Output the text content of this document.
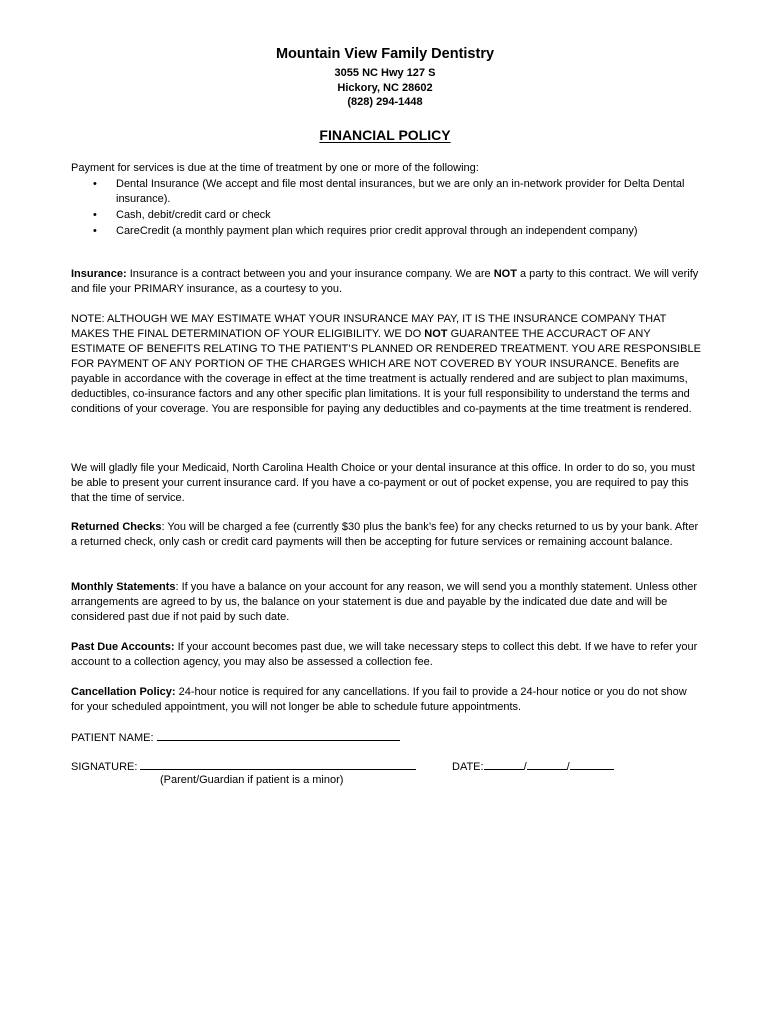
Mountain View Family Dentistry
3055 NC Hwy 127 S
Hickory, NC 28602
(828) 294-1448
FINANCIAL POLICY
Payment for services is due at the time of treatment by one or more of the following:
• Dental Insurance (We accept and file most dental insurances, but we are only an in-network provider for Delta Dental insurance).
• Cash, debit/credit card or check
• CareCredit (a monthly payment plan which requires prior credit approval through an independent company)
Insurance: Insurance is a contract between you and your insurance company. We are NOT a party to this contract. We will verify and file your PRIMARY insurance, as a courtesy to you.
NOTE: ALTHOUGH WE MAY ESTIMATE WHAT YOUR INSURANCE MAY PAY, IT IS THE INSURANCE COMPANY THAT MAKES THE FINAL DETERMINATION OF YOUR ELIGIBILITY. WE DO NOT GUARANTEE THE ACCURACT OF ANY ESTIMATE OF BENEFITS RELATING TO THE PATIENT’S PLANNED OR RENDERED TREATMENT. YOU ARE RESPONSIBLE FOR PAYMENT OF ANY PORTION OF THE CHARGES WHICH ARE NOT COVERED BY YOUR INSURANCE. Benefits are payable in accordance with the coverage in effect at the time treatment is actually rendered and are subject to plan maximums, deductibles, co-insurance factors and any other specific plan limitations. It is your full responsibility to understand the terms and conditions of your coverage. You are responsible for paying any deductibles and co-payments at the time treatment is rendered.
We will gladly file your Medicaid, North Carolina Health Choice or your dental insurance at this office. In order to do so, you must be able to present your current insurance card. If you have a co-payment or out of pocket expense, you are required to pay this that the time of service.
Returned Checks: You will be charged a fee (currently $30 plus the bank’s fee) for any checks returned to us by your bank. After a returned check, only cash or credit card payments will then be accepting for future services or remaining account balance.
Monthly Statements: If you have a balance on your account for any reason, we will send you a monthly statement. Unless other arrangements are agreed to by us, the balance on your statement is due and payable by the indicated due date and will be considered past due if not paid by such date.
Past Due Accounts: If your account becomes past due, we will take necessary steps to collect this debt. If we have to refer your account to a collection agency, you may also be assessed a collection fee.
Cancellation Policy: 24-hour notice is required for any cancellations. If you fail to provide a 24-hour notice or you do not show for your scheduled appointment, you will not longer be able to schedule future appointments.
PATIENT NAME:
SIGNATURE:	DATE:	/	/
(Parent/Guardian if patient is a minor)
